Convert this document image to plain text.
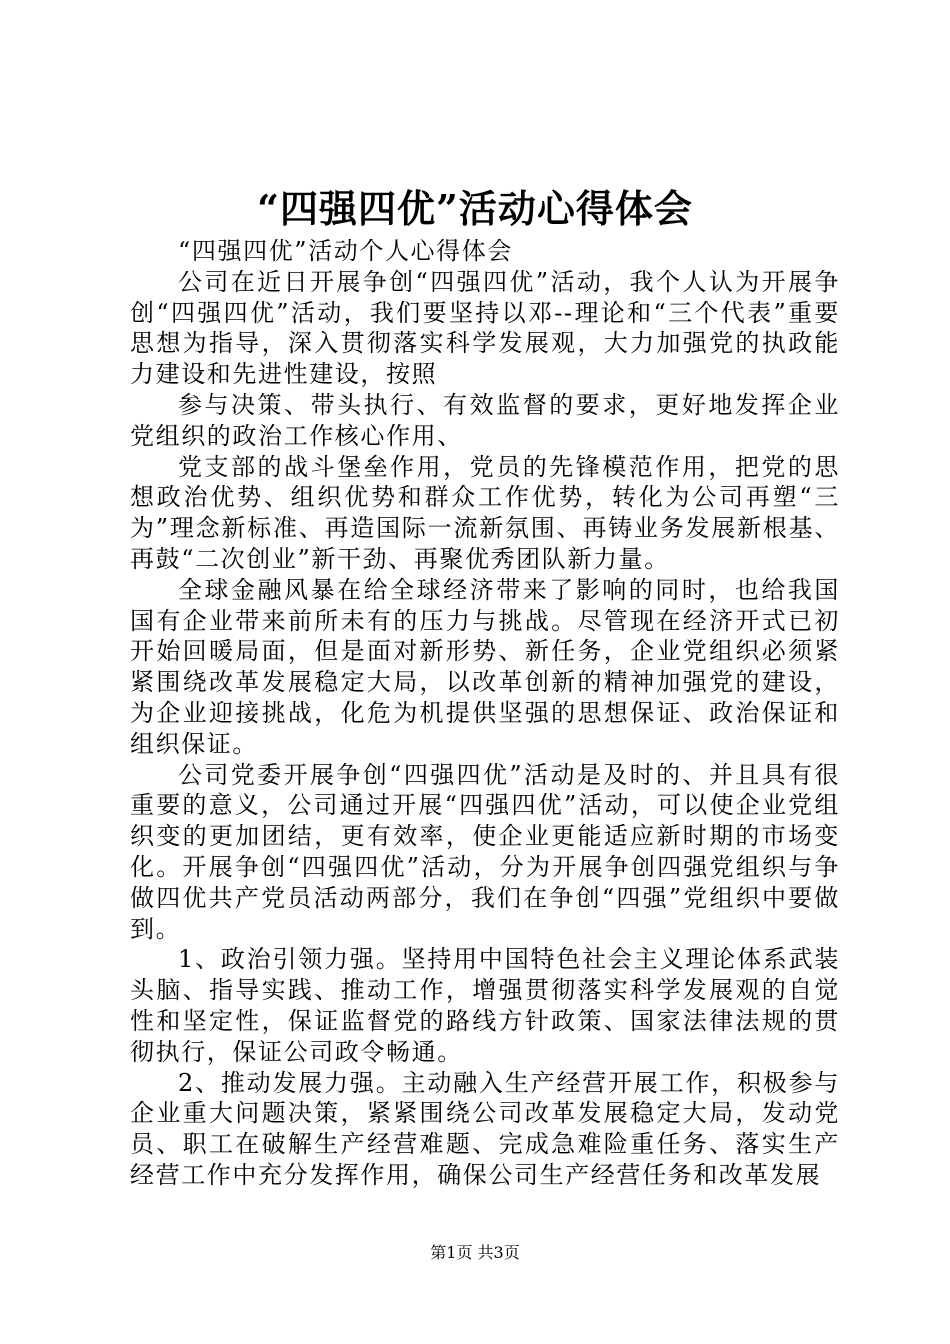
“四强四优”活动心得体会

“四强四优”活动个人心得体会

公司在近日开展争创“四强四优”活动，我个人认为开展争创“四强四优”活动，我们要坚持以邓--理论和“三个代表”重要思想为指导，深入贯彻落实科学发展观，大力加强党的执政能力建设和先进性建设，按照

参与决策、带头执行、有效监督的要求，更好地发挥企业党组织的政治工作核心作用、

党支部的战斗堡垒作用，党员的先锋模范作用，把党的思想政治优势、组织优势和群众工作优势，转化为公司再塑“三为”理念新标准、再造国际一流新氛围、再铸业务发展新根基、再鼓“二次创业”新干劲、再聚优秀团队新力量。

全球金融风暴在给全球经济带来了影响的同时，也给我国国有企业带来前所未有的压力与挑战。尽管现在经济开式已初开始回暖局面，但是面对新形势、新任务，企业党组织必须紧紧围绕改革发展稳定大局，以改革创新的精神加强党的建设，为企业迎接挑战，化危为机提供坚强的思想保证、政治保证和组织保证。

公司党委开展争创“四强四优”活动是及时的、并且具有很重要的意义，公司通过开展“四强四优”活动，可以使企业党组织变的更加团结，更有效率，使企业更能适应新时期的市场变化。开展争创“四强四优”活动，分为开展争创四强党组织与争做四优共产党员活动两部分，我们在争创“四强”党组织中要做到。

1、政治引领力强。坚持用中国特色社会主义理论体系武装头脑、指导实践、推动工作，增强贯彻落实科学发展观的自觉性和坚定性，保证监督党的路线方针政策、国家法律法规的贯彻执行，保证公司政令畅通。

2、推动发展力强。主动融入生产经营开展工作，积极参与企业重大问题决策，紧紧围绕公司改革发展稳定大局，发动党员、职工在破解生产经营难题、完成急难险重任务、落实生产经营工作中充分发挥作用，确保公司生产经营任务和改革发展

第1页 共3页
